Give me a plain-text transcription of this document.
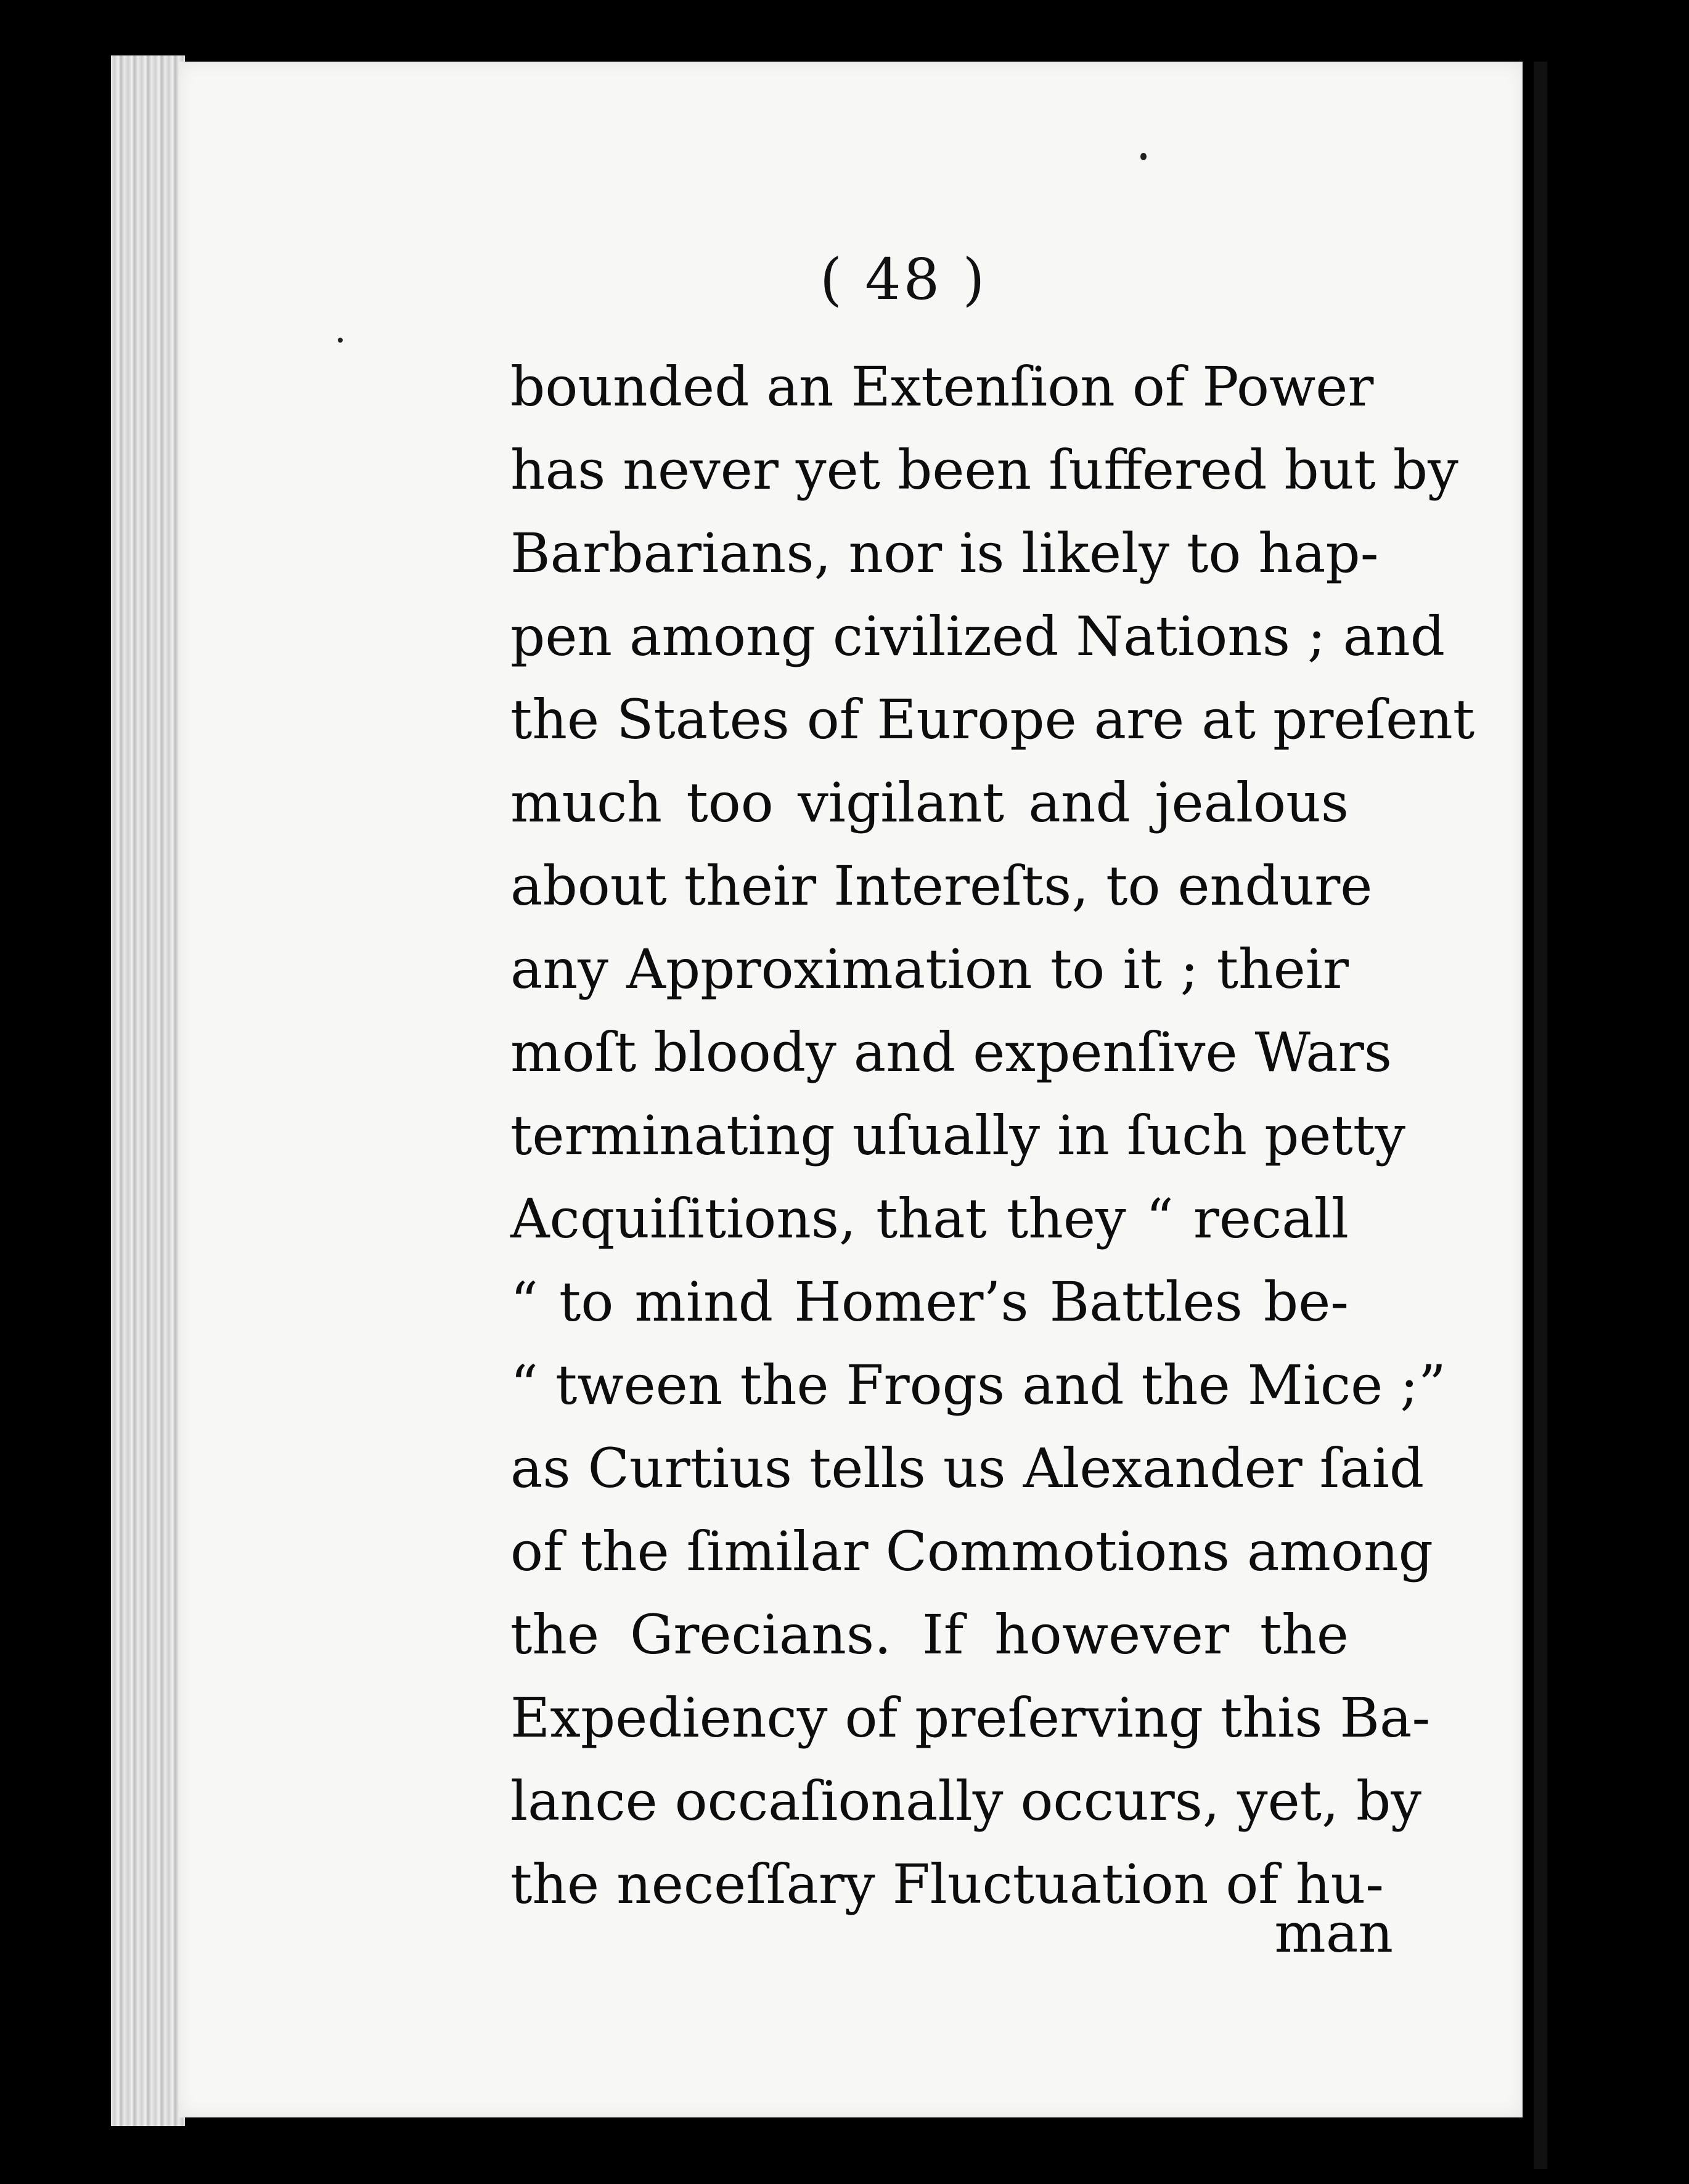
( 48 )
bounded an Extenſion of Power
has never yet been ſuffered but by
Barbarians, nor is likely to hap-
pen among civilized Nations ; and
the States of Europe are at preſent
much too vigilant and jealous
about their Intereſts, to endure
any Approximation to it ; their
moſt bloody and expenſive Wars
terminating uſually in ſuch petty
Acquiſitions, that they “ recall
“ to mind Homer’s Battles be-
“ tween the Frogs and the Mice ;”
as Curtius tells us Alexander ſaid
of the ſimilar Commotions among
the Grecians. If however the
Expediency of preſerving this Ba-
lance occaſionally occurs, yet, by
the neceſſary Fluctuation of hu-
man
